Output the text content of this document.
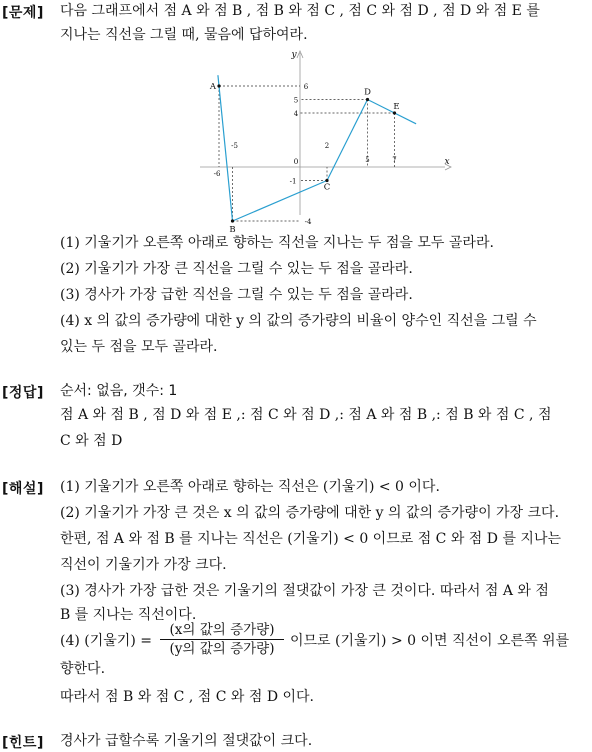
[문제] 다음 그래프에서 점 A 와 점 B , 점 B 와 점 C , 점 C 와 점 D , 점 D 와 점 E 를
지나는 직선을 그릴 때, 물음에 답하여라.
x
y
0
A
B
C
D
E
-6
-5	2
5	7
6
5
4
-1
-4
(1) 기울기가 오른쪽 아래로 향하는 직선을 지나는 두 점을 모두 골라라.
(2) 기울기가 가장 큰 직선을 그릴 수 있는 두 점을 골라라.
(3) 경사가 가장 급한 직선을 그릴 수 있는 두 점을 골라라.
(4) x 의 값의 증가량에 대한 y 의 값의 증가량의 비율이 양수인 직선을 그릴 수
있는 두 점을 모두 골라라.
[정답] 순서: 없음, 갯수: 1
점 A 와 점 B , 점 D 와 점 E ,: 점 C 와 점 D ,: 점 A 와 점 B ,: 점 B 와 점 C , 점
C 와 점 D
[해설] (1) 기울기가 오른쪽 아래로 향하는 직선은 (기울기) < 0 이다.
(2) 기울기가 가장 큰 것은 x 의 값의 증가량에 대한 y 의 값의 증가량이 가장 크다.
한편, 점 A 와 점 B 를 지나는 직선은 (기울기) < 0 이므로 점 C 와 점 D 를 지나는
직선이 기울기가 가장 크다.
(3) 경사가 가장 급한 것은 기울기의 절댓값이 가장 큰 것이다. 따라서 점 A 와 점
B 를 지나는 직선이다.
(4) (기울기) =
(x의 값의 증가량)
(y의 값의 증가량)	이므로 (기울기) > 0 이면 직선이 오른쪽 위를
향한다.
따라서 점 B 와 점 C , 점 C 와 점 D 이다.
[힌트] 경사가 급할수록 기울기의 절댓값이 크다.
